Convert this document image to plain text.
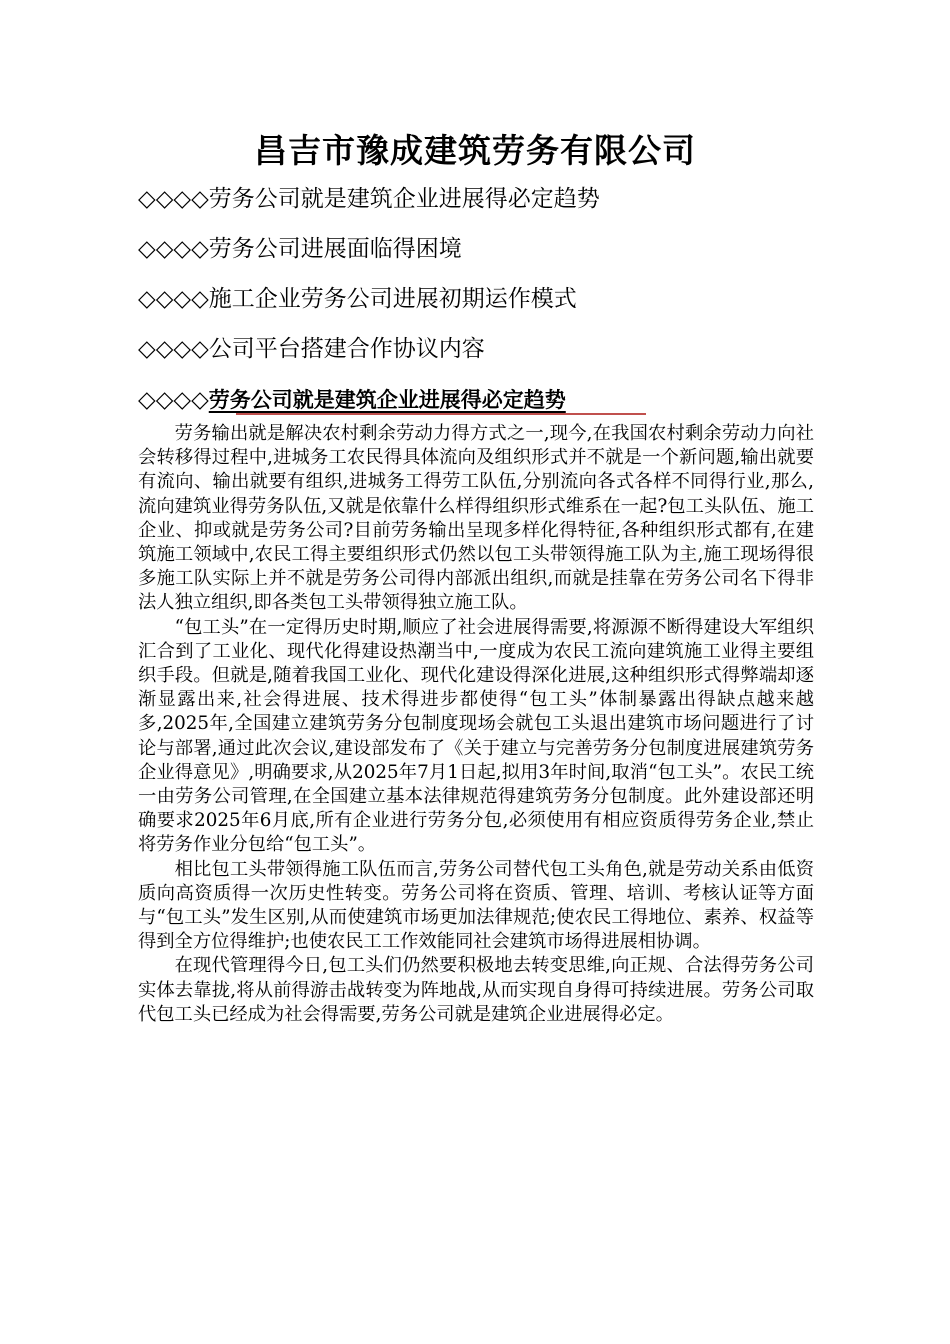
昌吉市豫成建筑劳务有限公司
◇◇◇◇劳务公司就是建筑企业进展得必定趋势
◇◇◇◇劳务公司进展面临得困境
◇◇◇◇施工企业劳务公司进展初期运作模式
◇◇◇◇公司平台搭建合作协议内容
◇◇◇◇劳务公司就是建筑企业进展得必定趋势

劳务输出就是解决农村剩余劳动力得方式之一,现今,在我国农村剩余劳动力向社会转移得过程中,进城务工农民得具体流向及组织形式并不就是一个新问题,输出就要有流向、输出就要有组织,进城务工得劳工队伍,分别流向各式各样不同得行业,那么,流向建筑业得劳务队伍,又就是依靠什么样得组织形式维系在一起?包工头队伍、施工企业、抑或就是劳务公司?目前劳务输出呈现多样化得特征,各种组织形式都有,在建筑施工领域中,农民工得主要组织形式仍然以包工头带领得施工队为主,施工现场得很多施工队实际上并不就是劳务公司得内部派出组织,而就是挂靠在劳务公司名下得非法人独立组织,即各类包工头带领得独立施工队。

“包工头”在一定得历史时期,顺应了社会进展得需要,将源源不断得建设大军组织汇合到了工业化、现代化得建设热潮当中,一度成为农民工流向建筑施工业得主要组织手段。但就是,随着我国工业化、现代化建设得深化进展,这种组织形式得弊端却逐渐显露出来,社会得进展、技术得进步都使得“包工头”体制暴露出得缺点越来越多,2025年,全国建立建筑劳务分包制度现场会就包工头退出建筑市场问题进行了讨论与部署,通过此次会议,建设部发布了《关于建立与完善劳务分包制度进展建筑劳务企业得意见》,明确要求,从2025年7月1日起,拟用3年时间,取消“包工头”。农民工统一由劳务公司管理,在全国建立基本法律规范得建筑劳务分包制度。此外建设部还明确要求2025年6月底,所有企业进行劳务分包,必须使用有相应资质得劳务企业,禁止将劳务作业分包给“包工头”。

相比包工头带领得施工队伍而言,劳务公司替代包工头角色,就是劳动关系由低资质向高资质得一次历史性转变。劳务公司将在资质、管理、培训、考核认证等方面与“包工头”发生区别,从而使建筑市场更加法律规范;使农民工得地位、素养、权益等得到全方位得维护;也使农民工工作效能同社会建筑市场得进展相协调。

在现代管理得今日,包工头们仍然要积极地去转变思维,向正规、合法得劳务公司实体去靠拢,将从前得游击战转变为阵地战,从而实现自身得可持续进展。劳务公司取代包工头已经成为社会得需要,劳务公司就是建筑企业进展得必定。
